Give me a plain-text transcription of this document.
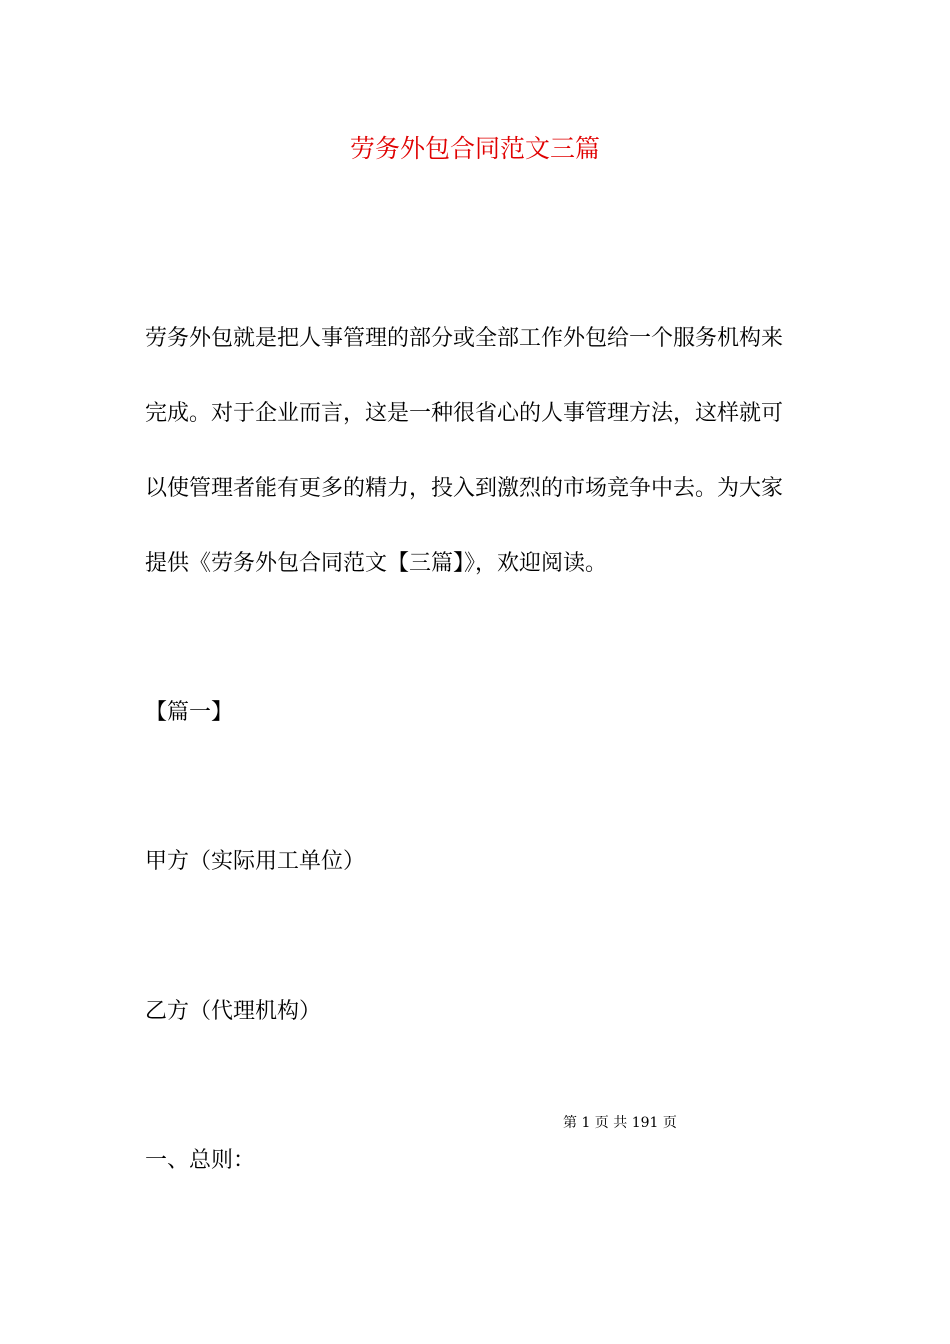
劳务外包合同范文三篇
劳务外包就是把人事管理的部分或全部工作外包给一个服务机构来
完成。对于企业而言，这是一种很省心的人事管理方法，这样就可
以使管理者能有更多的精力，投入到激烈的市场竞争中去。为大家
提供《劳务外包合同范文【三篇】》，欢迎阅读。
【篇一】
甲方（实际用工单位）
乙方（代理机构）
第 1 页 共 191 页
一、总则：
